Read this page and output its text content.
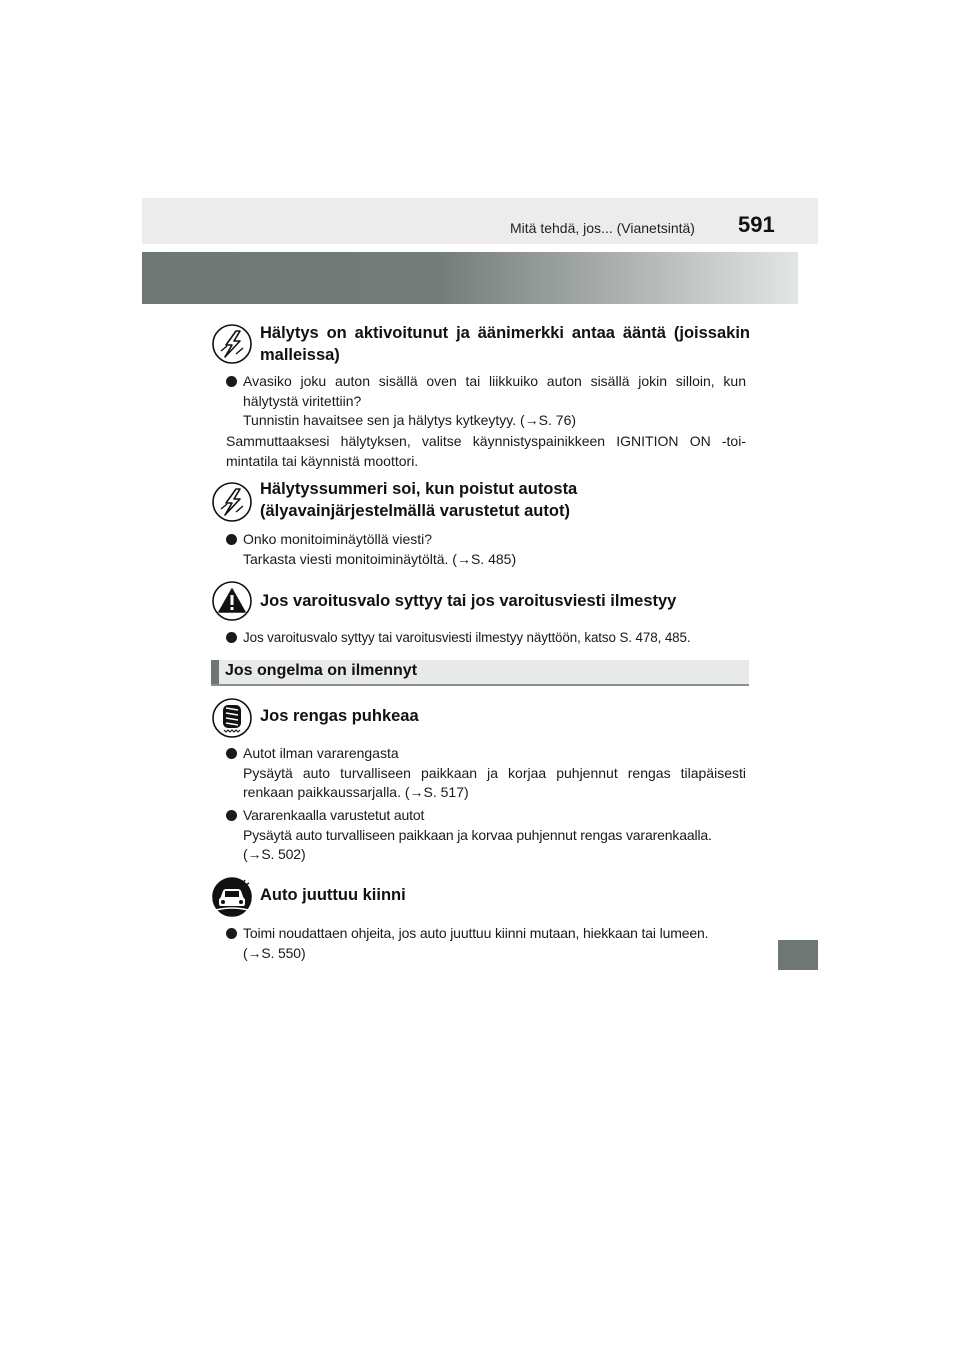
Mitä tehdä, jos... (Vianetsintä) 591
Hälytys on aktivoitunut ja äänimerkki antaa ääntä (joissakin
malleissa)
Avasiko joku auton sisällä oven tai liikkuiko auton sisällä jokin silloin, kun
hälytystä viritettiin?
Tunnistin havaitsee sen ja hälytys kytkeytyy. (→S. 76)
Sammuttaaksesi hälytyksen, valitse käynnistyspainikkeen IGNITION ON -toi-
mintatila tai käynnistä moottori.
Hälytyssummeri soi, kun poistut autosta
(älyavainjärjestelmällä varustetut autot)
Onko monitoiminäytöllä viesti?
Tarkasta viesti monitoiminäytöltä. (→S. 485)
Jos varoitusvalo syttyy tai jos varoitusviesti ilmestyy
Jos varoitusvalo syttyy tai varoitusviesti ilmestyy näyttöön, katso S. 478, 485.
Jos ongelma on ilmennyt
Jos rengas puhkeaa
Autot ilman vararengasta
Pysäytä auto turvalliseen paikkaan ja korjaa puhjennut rengas tilapäisesti
renkaan paikkaussarjalla. (→S. 517)
Vararenkaalla varustetut autot
Pysäytä auto turvalliseen paikkaan ja korvaa puhjennut rengas vararenkaalla.
(→S. 502)
Auto juuttuu kiinni
Toimi noudattaen ohjeita, jos auto juuttuu kiinni mutaan, hiekkaan tai lumeen.
(→S. 550)
